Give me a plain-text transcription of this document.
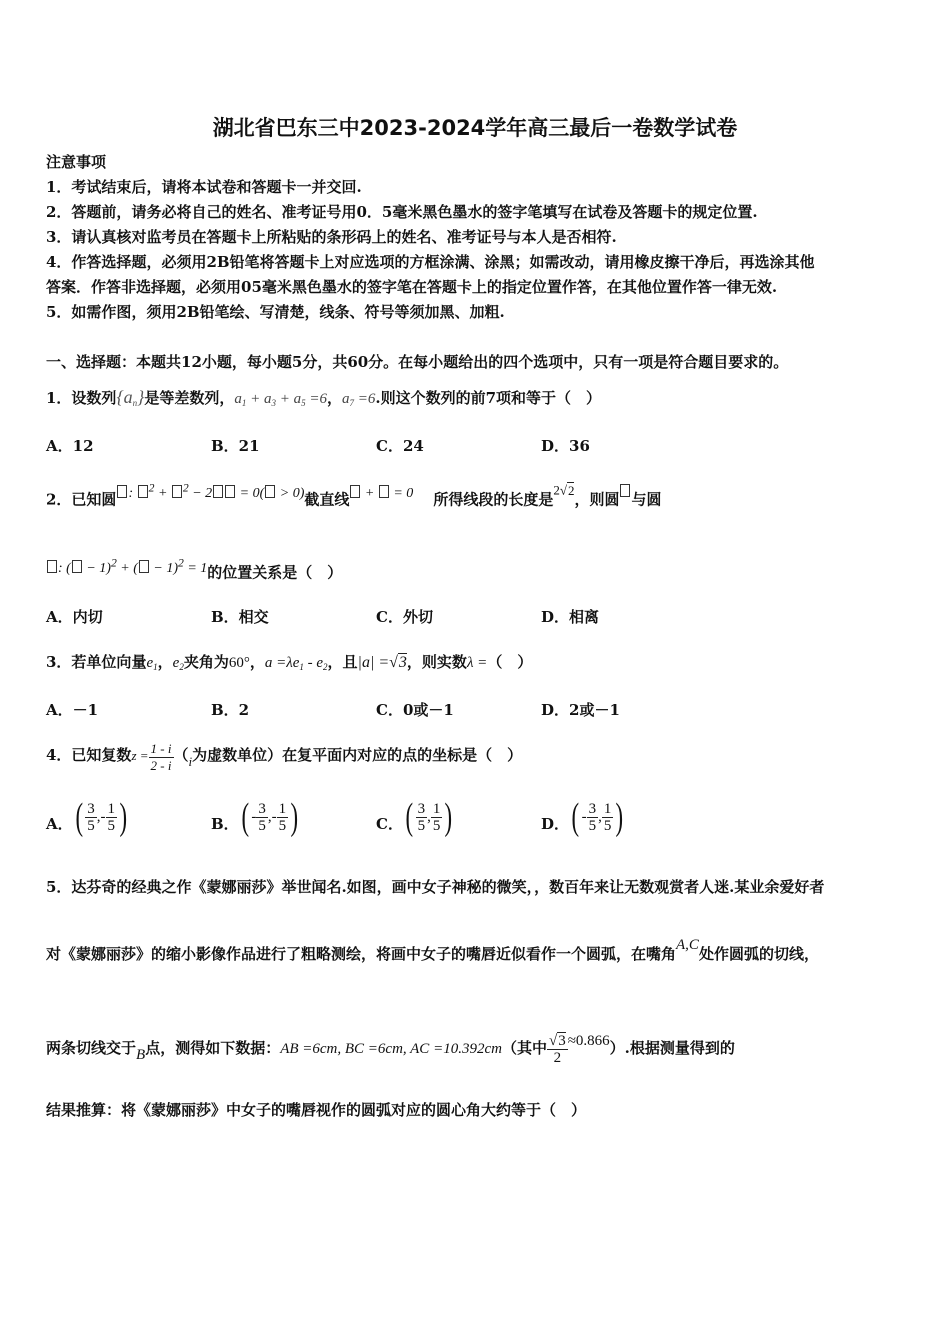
湖北省巴东三中2023-2024学年高三最后一卷数学试卷
注意事项
1．考试结束后，请将本试卷和答题卡一并交回.
2．答题前，请务必将自己的姓名、准考证号用0．5毫米黑色墨水的签字笔填写在试卷及答题卡的规定位置.
3．请认真核对监考员在答题卡上所粘贴的条形码上的姓名、准考证号与本人是否相符.
4．作答选择题，必须用2B铅笔将答题卡上对应选项的方框涂满、涂黑；如需改动，请用橡皮擦干净后，再选涂其他
答案．作答非选择题，必须用05毫米黑色墨水的签字笔在答题卡上的指定位置作答，在其他位置作答一律无效.
5．如需作图，须用2B铅笔绘、写清楚，线条、符号等须加黑、加粗.
一、选择题：本题共12小题，每小题5分，共60分。在每小题给出的四个选项中，只有一项是符合题目要求的。
1．设数列$\{a_n\}$是等差数列，$a_1 + a_3 + a_5 =6$，$a_7 =6$.则这个数列的前7项和等于（　）
A．12	B．21	C．24	D．36
2．已知圆 : $^2$ + $^2$ − 2 = 0( > 0)截直线 +  = 0 所得线段的长度是2√2，则圆 与圆
: ( − 1)$^2$ + ( − 1)$^2$ = 1的位置关系是（　）
A．内切	B．相交	C．外切	D．相离
3．若单位向量$e_1$，$e_2$夹角为60°，$a =\lambda e_1 - e_2$，且|a| =√3，则实数λ =（　）
A．－1	B．2	C．0或－1	D．2或－1
4．已知复数$z = \frac{1 - i}{2 - i} (i$为虚数单位）在复平面内对应的点的坐标是（　）
A． ( $\frac{3}{5}$ ,- $\frac{1}{5}$ )	B． ( - $\frac{3}{5}$ ,- $\frac{1}{5}$ )	C． ( $\frac{3}{5}$ , $\frac{1}{5}$ )	D． ( - $\frac{3}{5}$ , $\frac{1}{5}$ )
5．达芬奇的经典之作《蒙娜丽莎》举世闻名.如图，画中女子神秘的微笑，，数百年来让无数观赏者人迷.某业余爱好者
对《蒙娜丽莎》的缩小影像作品进行了粗略测绘，将画中女子的嘴唇近似看作一个圆弧，在嘴角A,C处作圆弧的切线，
两条切线交于B点，测得如下数据：AB =6cm, BC =6cm, AC =10.392cm（其中 $\frac{√3}{2} \approx 0.866$）.根据测量得到的
结果推算：将《蒙娜丽莎》中女子的嘴唇视作的圆弧对应的圆心角大约等于（　）
